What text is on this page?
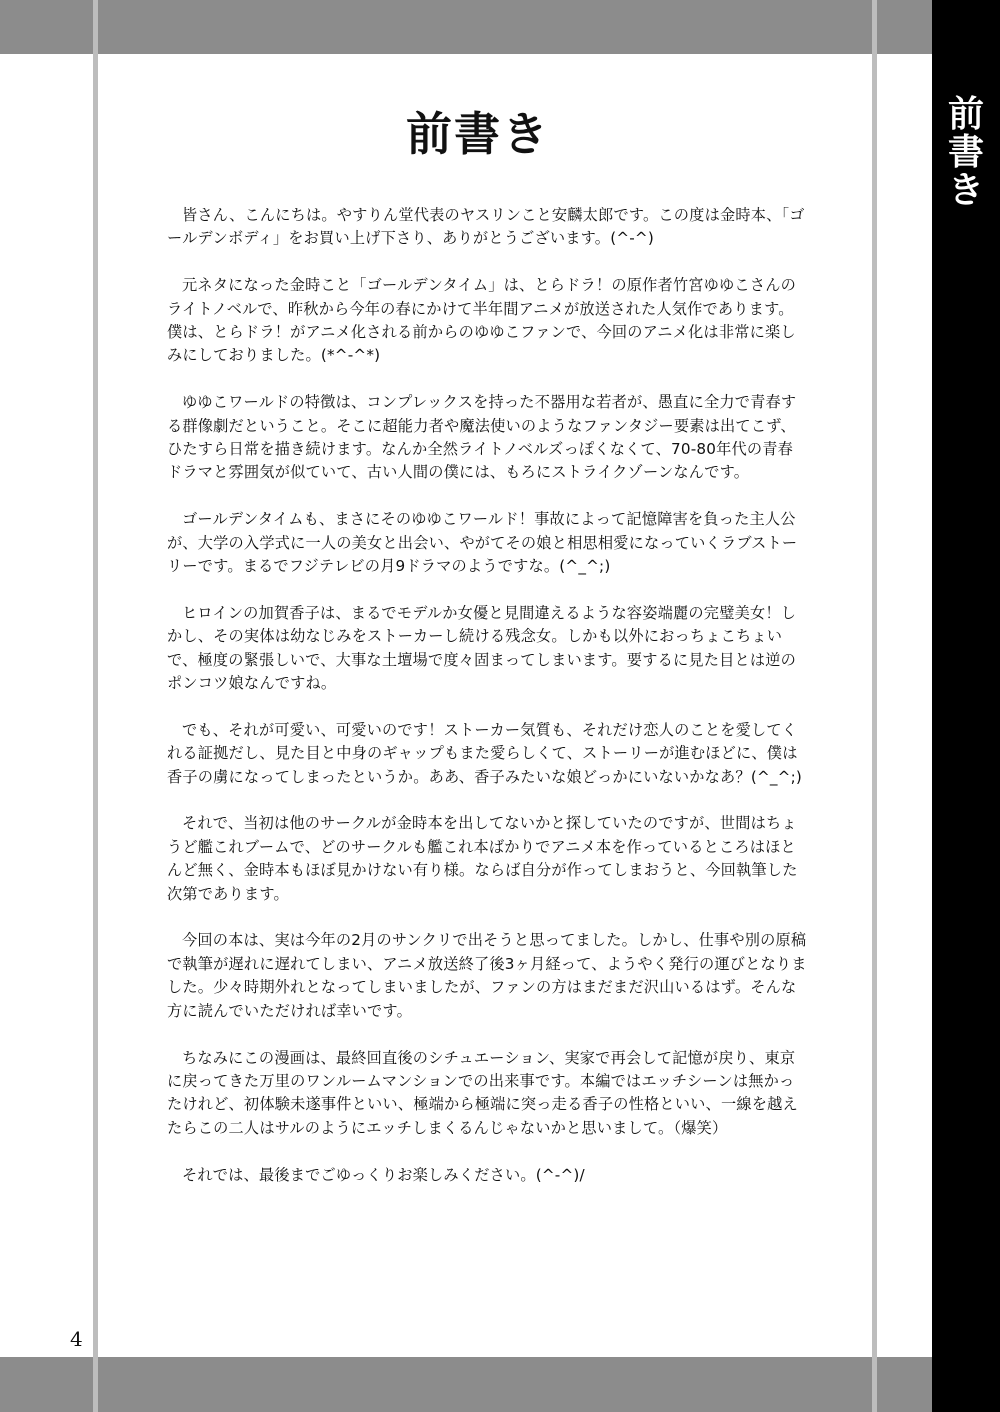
前
書
き
前書き

皆さん、こんにちは。やすりん堂代表のヤスリンこと安麟太郎です。この度は金時本、「ゴールデンボディ」をお買い上げ下さり、ありがとうございます。(^-^)

元ネタになった金時こと「ゴールデンタイム」は、とらドラ！の原作者竹宮ゆゆこさんのライトノベルで、昨秋から今年の春にかけて半年間アニメが放送された人気作であります。僕は、とらドラ！がアニメ化される前からのゆゆこファンで、今回のアニメ化は非常に楽しみにしておりました。(*^-^*)

ゆゆこワールドの特徴は、コンプレックスを持った不器用な若者が、愚直に全力で青春する群像劇だということ。そこに超能力者や魔法使いのようなファンタジー要素は出てこず、ひたすら日常を描き続けます。なんか全然ライトノベルズっぽくなくて、70-80年代の青春ドラマと雰囲気が似ていて、古い人間の僕には、もろにストライクゾーンなんです。

ゴールデンタイムも、まさにそのゆゆこワールド！事故によって記憶障害を負った主人公が、大学の入学式に一人の美女と出会い、やがてその娘と相思相愛になっていくラブストーリーです。まるでフジテレビの月9ドラマのようですな。(^_^;)

ヒロインの加賀香子は、まるでモデルか女優と見間違えるような容姿端麗の完璧美女！しかし、その実体は幼なじみをストーカーし続ける残念女。しかも以外におっちょこちょいで、極度の緊張しいで、大事な土壇場で度々固まってしまいます。要するに見た目とは逆のポンコツ娘なんですね。

でも、それが可愛い、可愛いのです！ストーカー気質も、それだけ恋人のことを愛してくれる証拠だし、見た目と中身のギャップもまた愛らしくて、ストーリーが進むほどに、僕は香子の虜になってしまったというか。ああ、香子みたいな娘どっかにいないかなあ？(^_^;)

それで、当初は他のサークルが金時本を出してないかと探していたのですが、世間はちょうど艦これブームで、どのサークルも艦これ本ばかりでアニメ本を作っているところはほとんど無く、金時本もほぼ見かけない有り様。ならば自分が作ってしまおうと、今回執筆した次第であります。

今回の本は、実は今年の2月のサンクリで出そうと思ってました。しかし、仕事や別の原稿で執筆が遅れに遅れてしまい、アニメ放送終了後3ヶ月経って、ようやく発行の運びとなりました。少々時期外れとなってしまいましたが、ファンの方はまだまだ沢山いるはず。そんな方に読んでいただければ幸いです。

ちなみにこの漫画は、最終回直後のシチュエーション、実家で再会して記憶が戻り、東京に戻ってきた万里のワンルームマンションでの出来事です。本編ではエッチシーンは無かったけれど、初体験未遂事件といい、極端から極端に突っ走る香子の性格といい、一線を越えたらこの二人はサルのようにエッチしまくるんじゃないかと思いまして。（爆笑）

それでは、最後までごゆっくりお楽しみください。(^-^)/

4
